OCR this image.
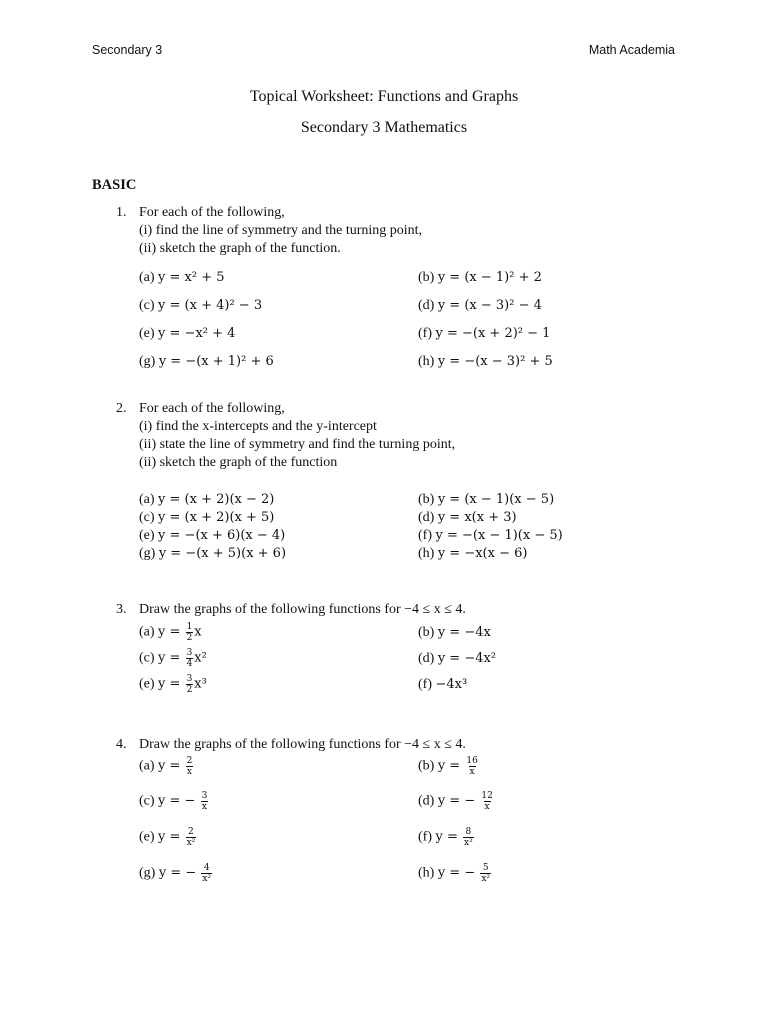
Secondary 3	Math Academia
Topical Worksheet: Functions and Graphs
Secondary 3 Mathematics
BASIC
1. For each of the following,
(i) find the line of symmetry and the turning point,
(ii) sketch the graph of the function.
(a) y = x² + 5	(b) y = (x − 1)² + 2
(c) y = (x + 4)² − 3	(d) y = (x − 3)² − 4
(e) y = −x² + 4	(f) y = −(x + 2)² − 1
(g) y = −(x + 1)² + 6	(h) y = −(x − 3)² + 5
2. For each of the following,
(i) find the x-intercepts and the y-intercept
(ii) state the line of symmetry and find the turning point,
(ii) sketch the graph of the function
(a) y = (x + 2)(x − 2)	(b) y = (x − 1)(x − 5)
(c) y = (x + 2)(x + 5)	(d) y = x(x + 3)
(e) y = −(x + 6)(x − 4)	(f) y = −(x − 1)(x − 5)
(g) y = −(x + 5)(x + 6)	(h) y = −x(x − 6)
3. Draw the graphs of the following functions for −4 ≤ x ≤ 4.
(a) $y = \frac{1}{2}$ x	(b) y = −4x
(c) $y = \frac{3}{4} x^2$	(d) y = −4x²
(e) $y = \frac{3}{2} x^3$	(f) −4x³
4. Draw the graphs of the following functions for −4 ≤ x ≤ 4.
(a) $y = \frac{2}{x}$	(b) $y = \frac{16}{x}$
(c) y = − $\frac{3}{x}$	(d) y = − $\frac{12}{x}$
(e) $y = \frac{2}{\text{x²}}$	(f) $y = \frac{8}{\text{x²}}$
(g) y = − $\frac{4}{\text{x²}}$	(h) y = − $\frac{5}{\text{x²}}$
